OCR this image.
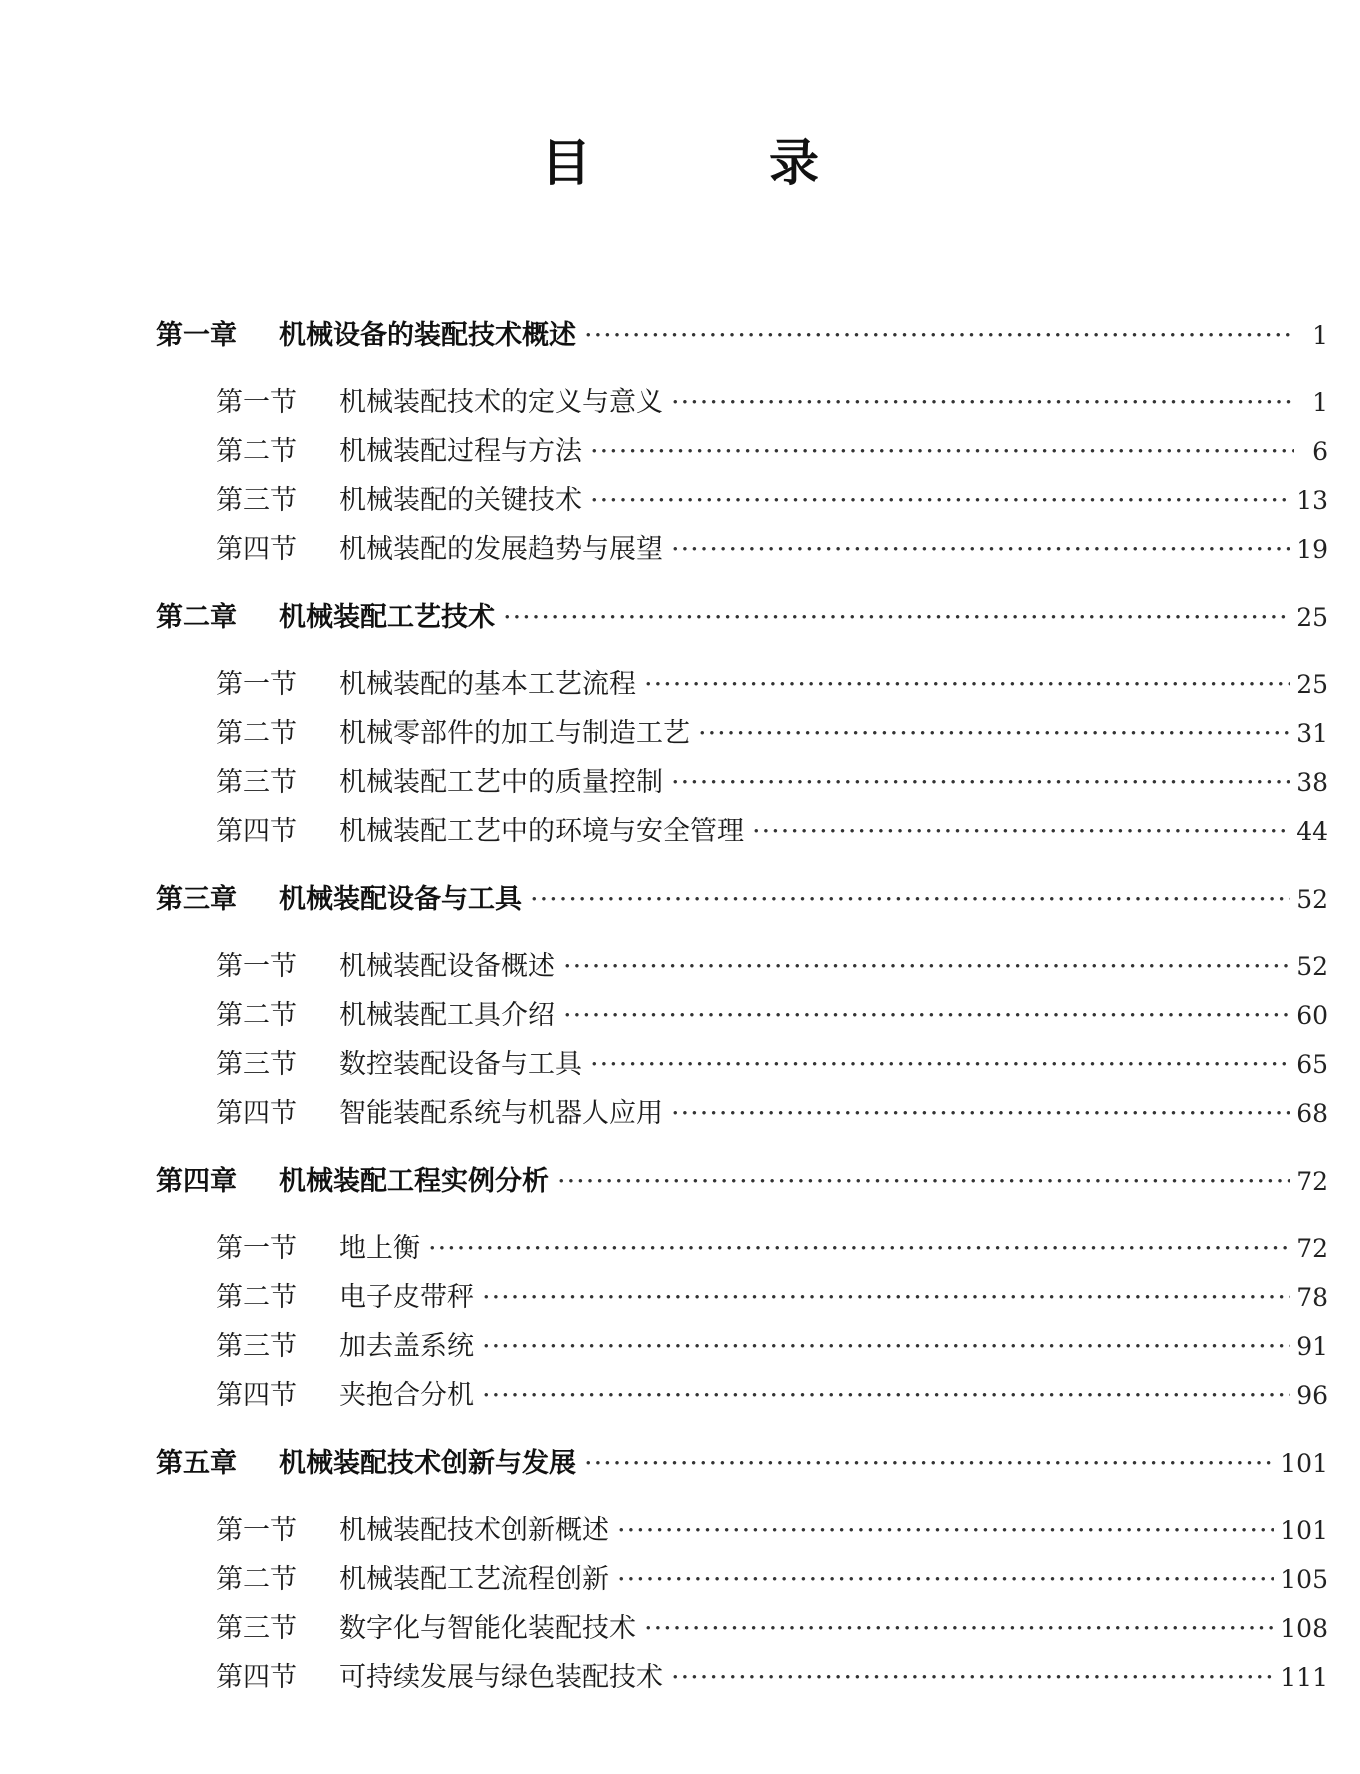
目　录
第一章	机械设备的装配技术概述 ·····	1
第一节	机械装配技术的定义与意义 ·····	1
第二节	机械装配过程与方法 ·····	6
第三节	机械装配的关键技术 ·····	13
第四节	机械装配的发展趋势与展望 ·····	19
第二章	机械装配工艺技术 ·····	25
第一节	机械装配的基本工艺流程 ·····	25
第二节	机械零部件的加工与制造工艺 ·····	31
第三节	机械装配工艺中的质量控制 ·····	38
第四节	机械装配工艺中的环境与安全管理 ·····	44
第三章	机械装配设备与工具 ·····	52
第一节	机械装配设备概述 ·····	52
第二节	机械装配工具介绍 ·····	60
第三节	数控装配设备与工具 ·····	65
第四节	智能装配系统与机器人应用 ·····	68
第四章	机械装配工程实例分析 ·····	72
第一节	地上衡 ·····	72
第二节	电子皮带秤 ·····	78
第三节	加去盖系统 ·····	91
第四节	夹抱合分机 ·····	96
第五章	机械装配技术创新与发展 ·····	101
第一节	机械装配技术创新概述 ·····	101
第二节	机械装配工艺流程创新 ·····	105
第三节	数字化与智能化装配技术 ·····	108
第四节	可持续发展与绿色装配技术 ·····	111
